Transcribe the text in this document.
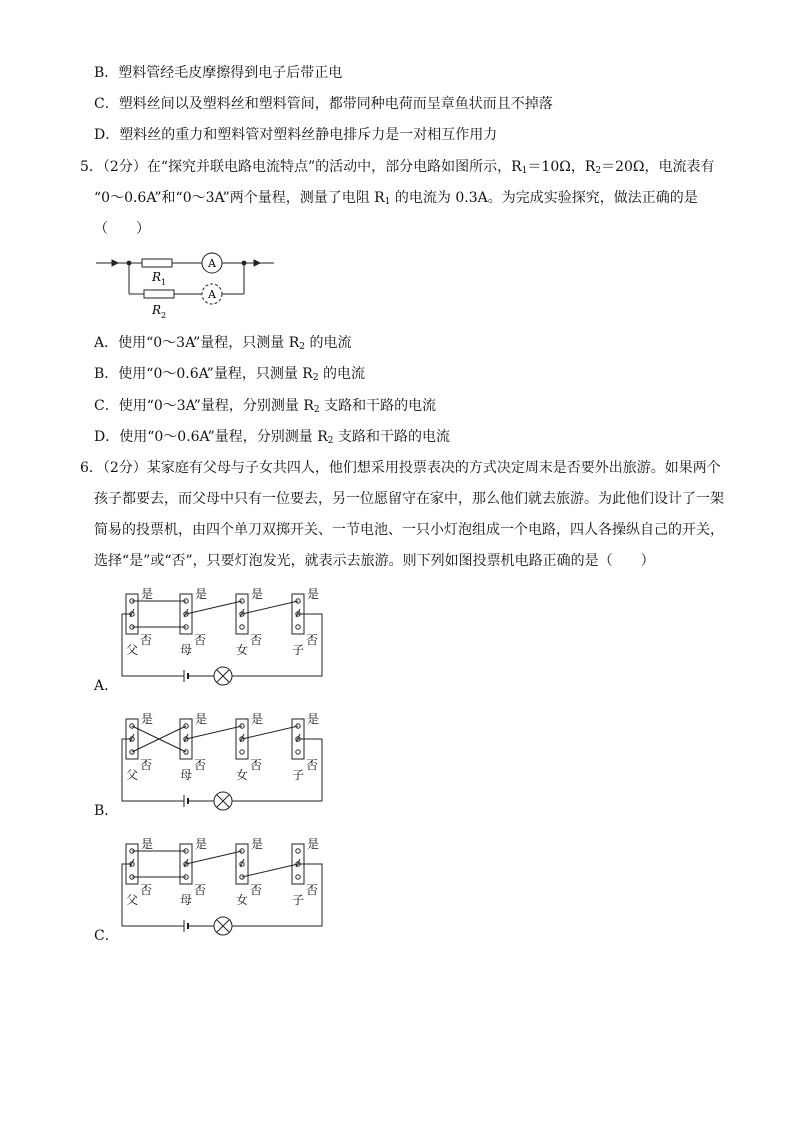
B．塑料管经毛皮摩擦得到电子后带正电
C．塑料丝间以及塑料丝和塑料管间，都带同种电荷而呈章鱼状而且不掉落
D．塑料丝的重力和塑料管对塑料丝静电排斥力是一对相互作用力
5．（2分）在“探究并联电路电流特点”的活动中，部分电路如图所示，$R_1=10\Omega$，$R_2=20\Omega$，电流表有
“0～0.6A”和“0～3A”两个量程，测量了电阻 $R_1$ 的电流为 0.3A。为完成实验探究，做法正确的是
（　　）
A
A
R 1
R 2
A．使用“0～3A”量程，只测量 $R_2$ 的电流
B．使用“0～0.6A”量程，只测量 $R_2$ 的电流
C．使用“0～3A”量程，分别测量 $R_2$ 支路和干路的电流
D．使用“0～0.6A”量程，分别测量 $R_2$ 支路和干路的电流
6．（2分）某家庭有父母与子女共四人，他们想采用投票表决的方式决定周末是否要外出旅游。如果两个
孩子都要去，而父母中只有一位要去，另一位愿留守在家中，那么他们就去旅游。为此他们设计了一架
简易的投票机，由四个单刀双掷开关、一节电池、一只小灯泡组成一个电路，四人各操纵自己的开关，
选择“是”或“否”，只要灯泡发光，就表示去旅游。则下列如图投票机电路正确的是（　　）
是
否
父
是
否
母
是
否
女
是
否
子
A．
是
否
父
是
否
母
是
否
女
是
否
子
B．
是
否
父
是
否
母
是
否
女
是
否
子
C．
